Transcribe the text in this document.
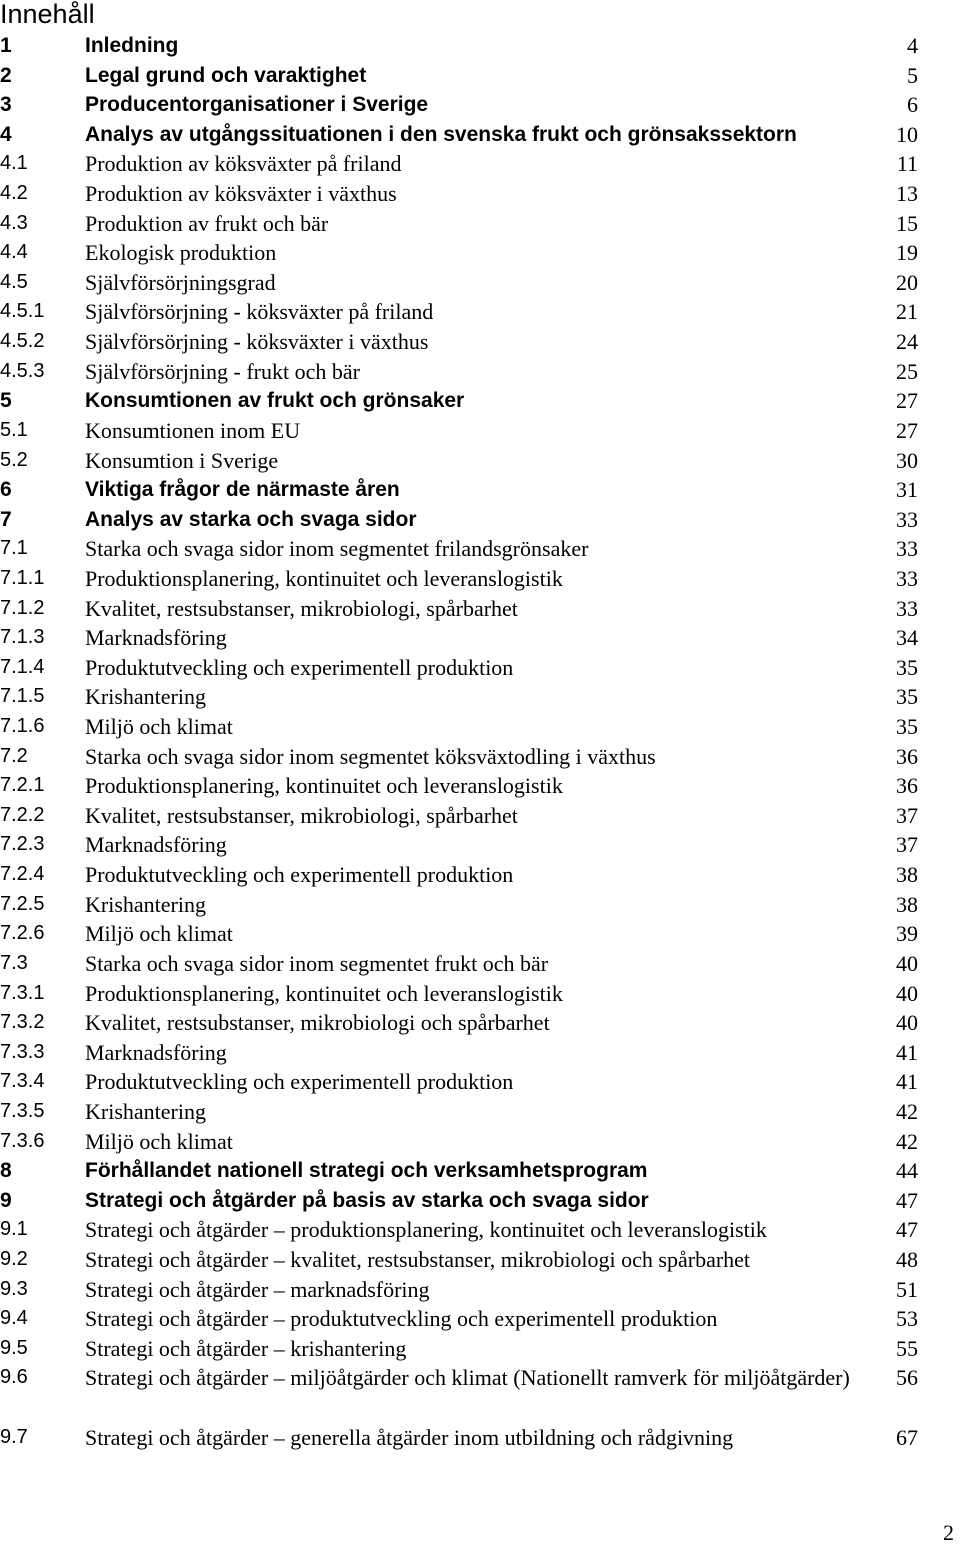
Innehåll
1	Inledning	4
2	Legal grund och varaktighet	5
3	Producentorganisationer i Sverige	6
4	Analys av utgångssituationen i den svenska frukt och grönsakssektorn	10
4.1	Produktion av köksväxter på friland	11
4.2	Produktion av köksväxter i växthus	13
4.3	Produktion av frukt och bär	15
4.4	Ekologisk produktion	19
4.5	Självförsörjningsgrad	20
4.5.1 Självförsörjning - köksväxter på friland	21
4.5.2 Självförsörjning - köksväxter i växthus	24
4.5.3 Självförsörjning - frukt och bär	25
5	Konsumtionen av frukt och grönsaker	27
5.1	Konsumtionen inom EU	27
5.2	Konsumtion i Sverige	30
6	Viktiga frågor de närmaste åren	31
7	Analys av starka och svaga sidor	33
7.1	Starka och svaga sidor inom segmentet frilandsgrönsaker	33
7.1.1 Produktionsplanering, kontinuitet och leveranslogistik	33
7.1.2 Kvalitet, restsubstanser, mikrobiologi, spårbarhet	33
7.1.3 Marknadsföring	34
7.1.4 Produktutveckling och experimentell produktion	35
7.1.5 Krishantering	35
7.1.6 Miljö och klimat	35
7.2	Starka och svaga sidor inom segmentet köksväxtodling i växthus	36
7.2.1 Produktionsplanering, kontinuitet och leveranslogistik	36
7.2.2 Kvalitet, restsubstanser, mikrobiologi, spårbarhet	37
7.2.3 Marknadsföring	37
7.2.4 Produktutveckling och experimentell produktion	38
7.2.5 Krishantering	38
7.2.6 Miljö och klimat	39
7.3	Starka och svaga sidor inom segmentet frukt och bär	40
7.3.1 Produktionsplanering, kontinuitet och leveranslogistik	40
7.3.2 Kvalitet, restsubstanser, mikrobiologi och spårbarhet	40
7.3.3 Marknadsföring	41
7.3.4 Produktutveckling och experimentell produktion	41
7.3.5 Krishantering	42
7.3.6 Miljö och klimat	42
8	Förhållandet nationell strategi och verksamhetsprogram	44
9	Strategi och åtgärder på basis av starka och svaga sidor	47
9.1	Strategi och åtgärder – produktionsplanering, kontinuitet och leveranslogistik	47
9.2	Strategi och åtgärder – kvalitet, restsubstanser, mikrobiologi och spårbarhet	48
9.3	Strategi och åtgärder – marknadsföring	51
9.4	Strategi och åtgärder – produktutveckling och experimentell produktion	53
9.5	Strategi och åtgärder – krishantering	55
9.6	Strategi och åtgärder – miljöåtgärder och klimat (Nationellt ramverk för miljöåtgärder)	56
9.7	Strategi och åtgärder – generella åtgärder inom utbildning och rådgivning	67
2
